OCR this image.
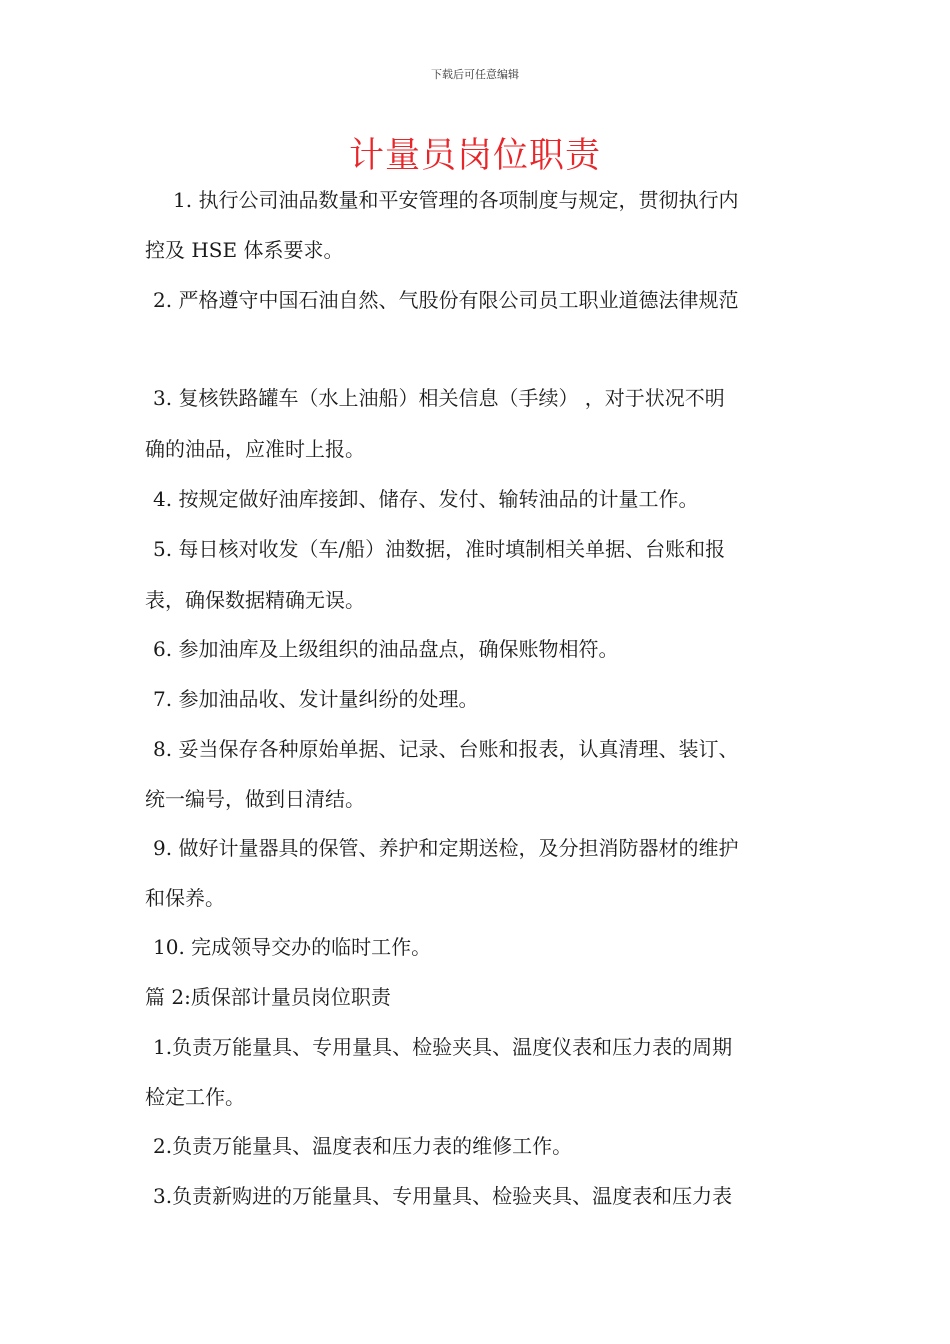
下载后可任意编辑
计量员岗位职责
1. 执行公司油品数量和平安管理的各项制度与规定，贯彻执行内
控及 HSE 体系要求。
2. 严格遵守中国石油自然、气股份有限公司员工职业道德法律规范
3. 复核铁路罐车（水上油船）相关信息（手续） ，对于状况不明
确的油品，应准时上报。
4. 按规定做好油库接卸、储存、发付、输转油品的计量工作。
5. 每日核对收发（车/船）油数据，准时填制相关单据、台账和报
表，确保数据精确无误。
6. 参加油库及上级组织的油品盘点，确保账物相符。
7. 参加油品收、发计量纠纷的处理。
8. 妥当保存各种原始单据、记录、台账和报表，认真清理、装订、
统一编号，做到日清结。
9. 做好计量器具的保管、养护和定期送检，及分担消防器材的维护
和保养。
10. 完成领导交办的临时工作。
篇 2:质保部计量员岗位职责
1.负责万能量具、专用量具、检验夹具、温度仪表和压力表的周期
检定工作。
2.负责万能量具、温度表和压力表的维修工作。
3.负责新购进的万能量具、专用量具、检验夹具、温度表和压力表
